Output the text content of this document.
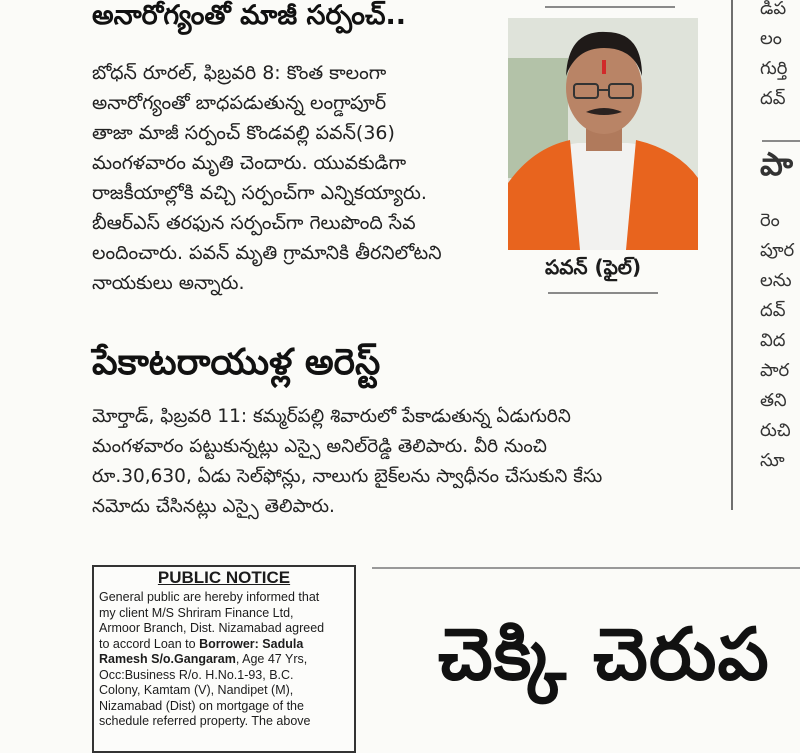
అనారోగ్యంతో మాజీ సర్పంచ్..

బోధన్ రూరల్, ఫిబ్రవరి 8: కొంత కాలంగా

అనారోగ్యంతో బాధపడుతున్న లంగ్డాపూర్

తాజా మాజీ సర్పంచ్ కొండవల్లి పవన్(36)

మంగళవారం మృతి చెందారు. యువకుడిగా

రాజకీయాల్లోకి వచ్చి సర్పంచ్‌గా ఎన్నికయ్యారు.

బీఆర్ఎస్ తరఫున సర్పంచ్‌గా గెలుపొంది సేవ

లందించారు. పవన్ మృతి గ్రామానికి తీరనిలోటని

నాయకులు అన్నారు.

పవన్ (ఫైల్)
పేకాటరాయుళ్ల అరెస్ట్

మోర్తాడ్, ఫిబ్రవరి 11: కమ్మర్‌పల్లి శివారులో పేకాడుతున్న ఏడుగురిని

మంగళవారం పట్టుకున్నట్లు ఎస్సై అనిల్‌రెడ్డి తెలిపారు. వీరి నుంచి

రూ.30,630, ఏడు సెల్‌ఫోన్లు, నాలుగు బైక్‌లను స్వాధీనం చేసుకుని కేసు

నమోదు చేసినట్లు ఎస్సై తెలిపారు.

డిప
లం
గుర్తి
దవ్
పా
రెం
పూర
లను
దవ్
విద
పార
తని
రుచి
సూ
PUBLIC NOTICE
General public are hereby informed that
my client M/S Shriram Finance Ltd,
Armoor Branch, Dist. Nizamabad agreed
to accord Loan to Borrower: Sadula
Ramesh S/o.Gangaram, Age 47 Yrs,
Occ:Business R/o. H.No.1-93, B.C.
Colony, Kamtam (V), Nandipet (M),
Nizamabad (Dist) on mortgage of the
schedule referred property. The above
చెక్కి చెరుప
